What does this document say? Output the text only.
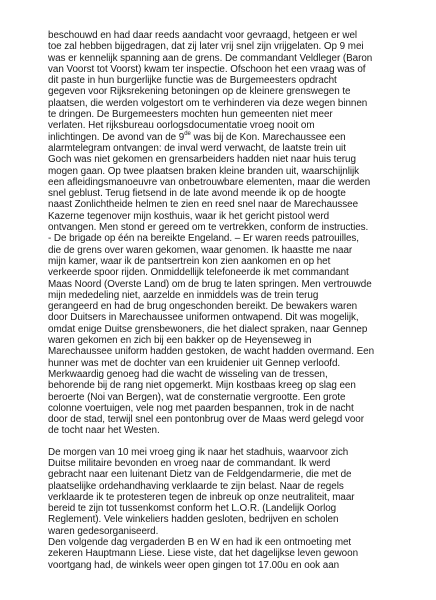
beschouwd en had daar reeds aandacht voor gevraagd, hetgeen er wel
toe zal hebben bijgedragen, dat zij later vrij snel zijn vrijgelaten. Op 9 mei
was er kennelijk spanning aan de grens. De commandant Veldleger (Baron
van Voorst tot Voorst) kwam ter inspectie. Ofschoon het een vraag was of
dit paste in hun burgerlijke functie was de Burgemeesters opdracht
gegeven voor Rijksrekening betoningen op de kleinere grenswegen te
plaatsen, die werden volgestort om te verhinderen via deze wegen binnen
te dringen. De Burgemeesters mochten hun gemeenten niet meer
verlaten. Het rijksbureau oorlogsdocumentatie vroeg nooit om
inlichtingen. De avond van de 9de was bij de Kon. Marechaussee een
alarmtelegram ontvangen: de inval werd verwacht, de laatste trein uit
Goch was niet gekomen en grensarbeiders hadden niet naar huis terug
mogen gaan. Op twee plaatsen braken kleine branden uit, waarschijnlijk
een afleidingsmanoeuvre van onbetrouwbare elementen, maar die werden
snel geblust. Terug fietsend in de late avond meende ik op de hoogte
naast Zonlichtheide helmen te zien en reed snel naar de Marechaussee
Kazerne tegenover mijn kosthuis, waar ik het gericht pistool werd
ontvangen. Men stond er gereed om te vertrekken, conform de instructies.
- De brigade op één na bereikte Engeland. – Er waren reeds patrouilles,
die de grens over waren gekomen, waar genomen. Ik haastte me naar
mijn kamer, waar ik de pantsertrein kon zien aankomen en op het
verkeerde spoor rijden. Onmiddellijk telefoneerde ik met commandant
Maas Noord (Overste Land) om de brug te laten springen. Men vertrouwde
mijn mededeling niet, aarzelde en inmiddels was de trein terug
gerangeerd en had de brug ongeschonden bereikt. De bewakers waren
door Duitsers in Marechaussee uniformen ontwapend. Dit was mogelijk,
omdat enige Duitse grensbewoners, die het dialect spraken, naar Gennep
waren gekomen en zich bij een bakker op de Heyenseweg in
Marechaussee uniform hadden gestoken, de wacht hadden overmand. Een
hunner was met de dochter van een kruidenier uit Gennep verloofd.
Merkwaardig genoeg had die wacht de wisseling van de tressen,
behorende bij de rang niet opgemerkt. Mijn kostbaas kreeg op slag een
beroerte (Noi van Bergen), wat de consternatie vergrootte. Een grote
colonne voertuigen, vele nog met paarden bespannen, trok in de nacht
door de stad, terwijl snel een pontonbrug over de Maas werd gelegd voor
de tocht naar het Westen.
De morgen van 10 mei vroeg ging ik naar het stadhuis, waarvoor zich
Duitse militaire bevonden en vroeg naar de commandant. Ik werd
gebracht naar een luitenant Dietz van de Feldgendarmerie, die met de
plaatselijke ordehandhaving verklaarde te zijn belast. Naar de regels
verklaarde ik te protesteren tegen de inbreuk op onze neutraliteit, maar
bereid te zijn tot tussenkomst conform het L.O.R. (Landelijk Oorlog
Reglement). Vele winkeliers hadden gesloten, bedrijven en scholen
waren gedesorganiseerd.
Den volgende dag vergaderden B en W en had ik een ontmoeting met
zekeren Hauptmann Liese. Liese viste, dat het dagelijkse leven gewoon
voortgang had, de winkels weer open gingen tot 17.00u en ook aan
